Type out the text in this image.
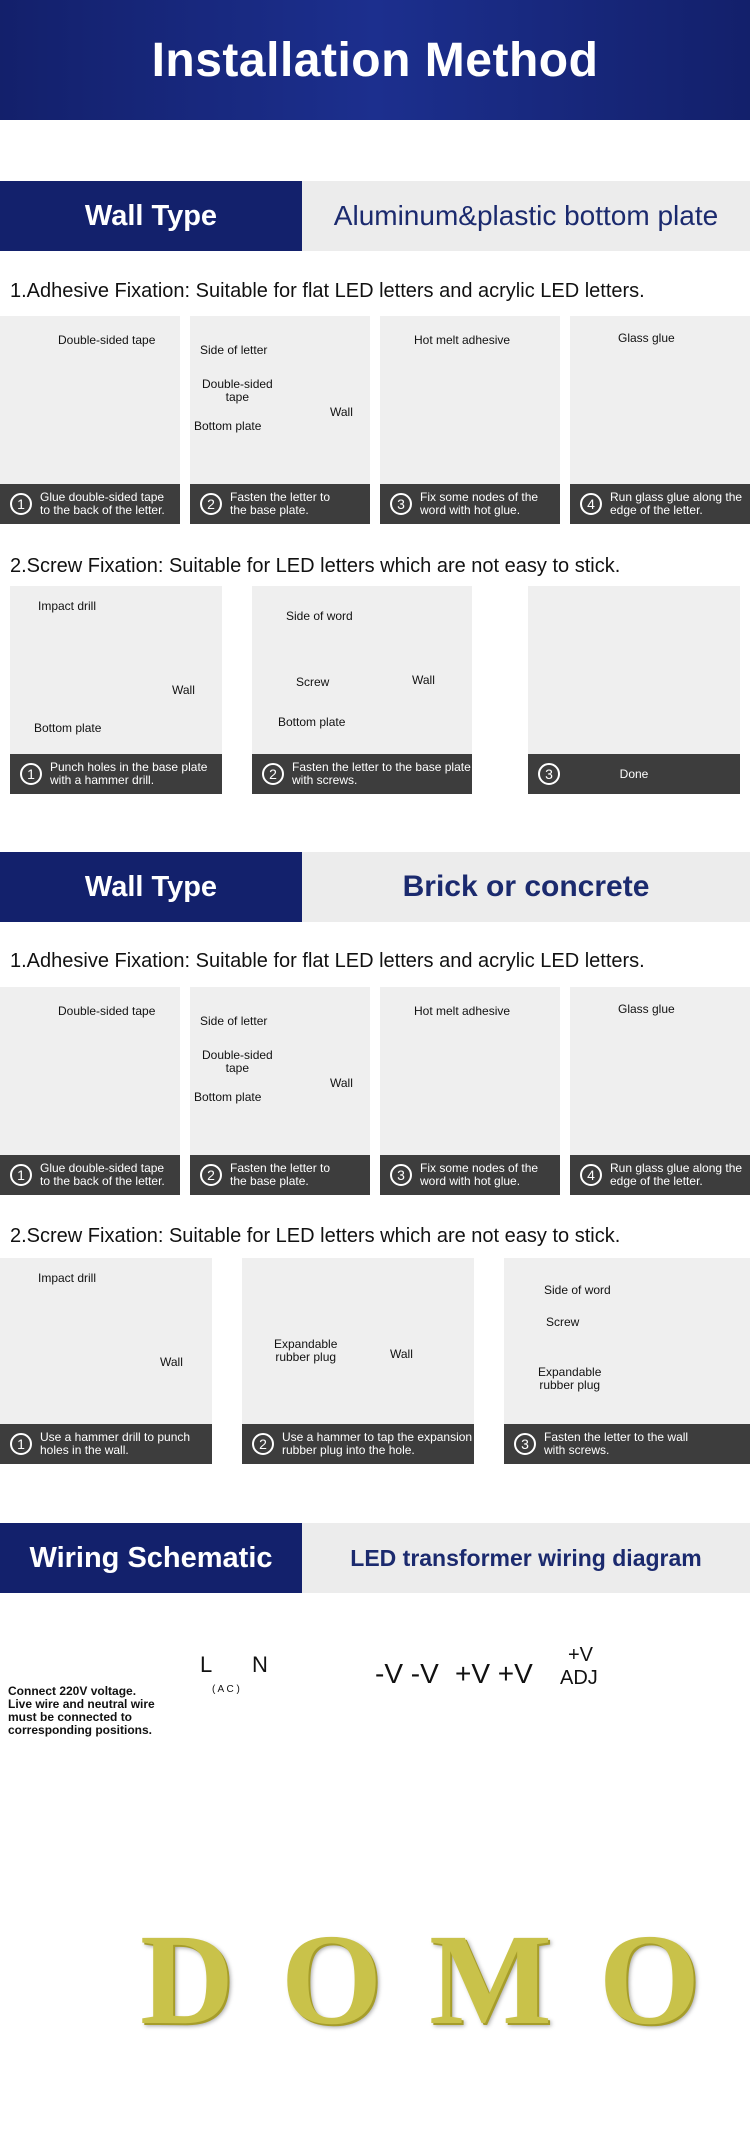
Installation Method
Wall Type	Aluminum&plastic bottom plate
1.Adhesive Fixation: Suitable for flat LED letters and acrylic LED letters.
Double-sided tape
1	Glue double-sided tape
to the back of the letter.
Side of letter
Double-sided
tape
Bottom plate
Wall
2	Fasten the letter to
the base plate.
Hot melt adhesive
3	Fix some nodes of the
word with hot glue.
Glass glue
4	Run glass glue along the
edge of the letter.
2.Screw Fixation: Suitable for LED letters which are not easy to stick.
Impact drill
Wall
Bottom plate
1	Punch holes in the base plate
with a hammer drill.
Side of word
Screw
Bottom plate
Wall
2	Fasten the letter to the base plate
with screws.	3	Done
Wall Type	Brick or concrete
1.Adhesive Fixation: Suitable for flat LED letters and acrylic LED letters.
Double-sided tape
1	Glue double-sided tape
to the back of the letter.
Side of letter
Double-sided
tape
Bottom plate
Wall
2	Fasten the letter to
the base plate.
Hot melt adhesive
3	Fix some nodes of the
word with hot glue.
Glass glue
4	Run glass glue along the
edge of the letter.
2.Screw Fixation: Suitable for LED letters which are not easy to stick.
Impact drill
Wall
1	Use a hammer drill to punch
holes in the wall.
Expandable
rubber plug	Wall
2	Use a hammer to tap the expansion
rubber plug into the hole.
Side of word
Screw
Expandable
rubber plug
3	Fasten the letter to the wall
with screws.
Wiring Schematic	LED transformer wiring diagram
Connect 220V voltage.
Live wire and neutral wire
must be connected to
corresponding positions.
L N
( A C )
-V -V +V +V
+V
ADJ
D O M O
